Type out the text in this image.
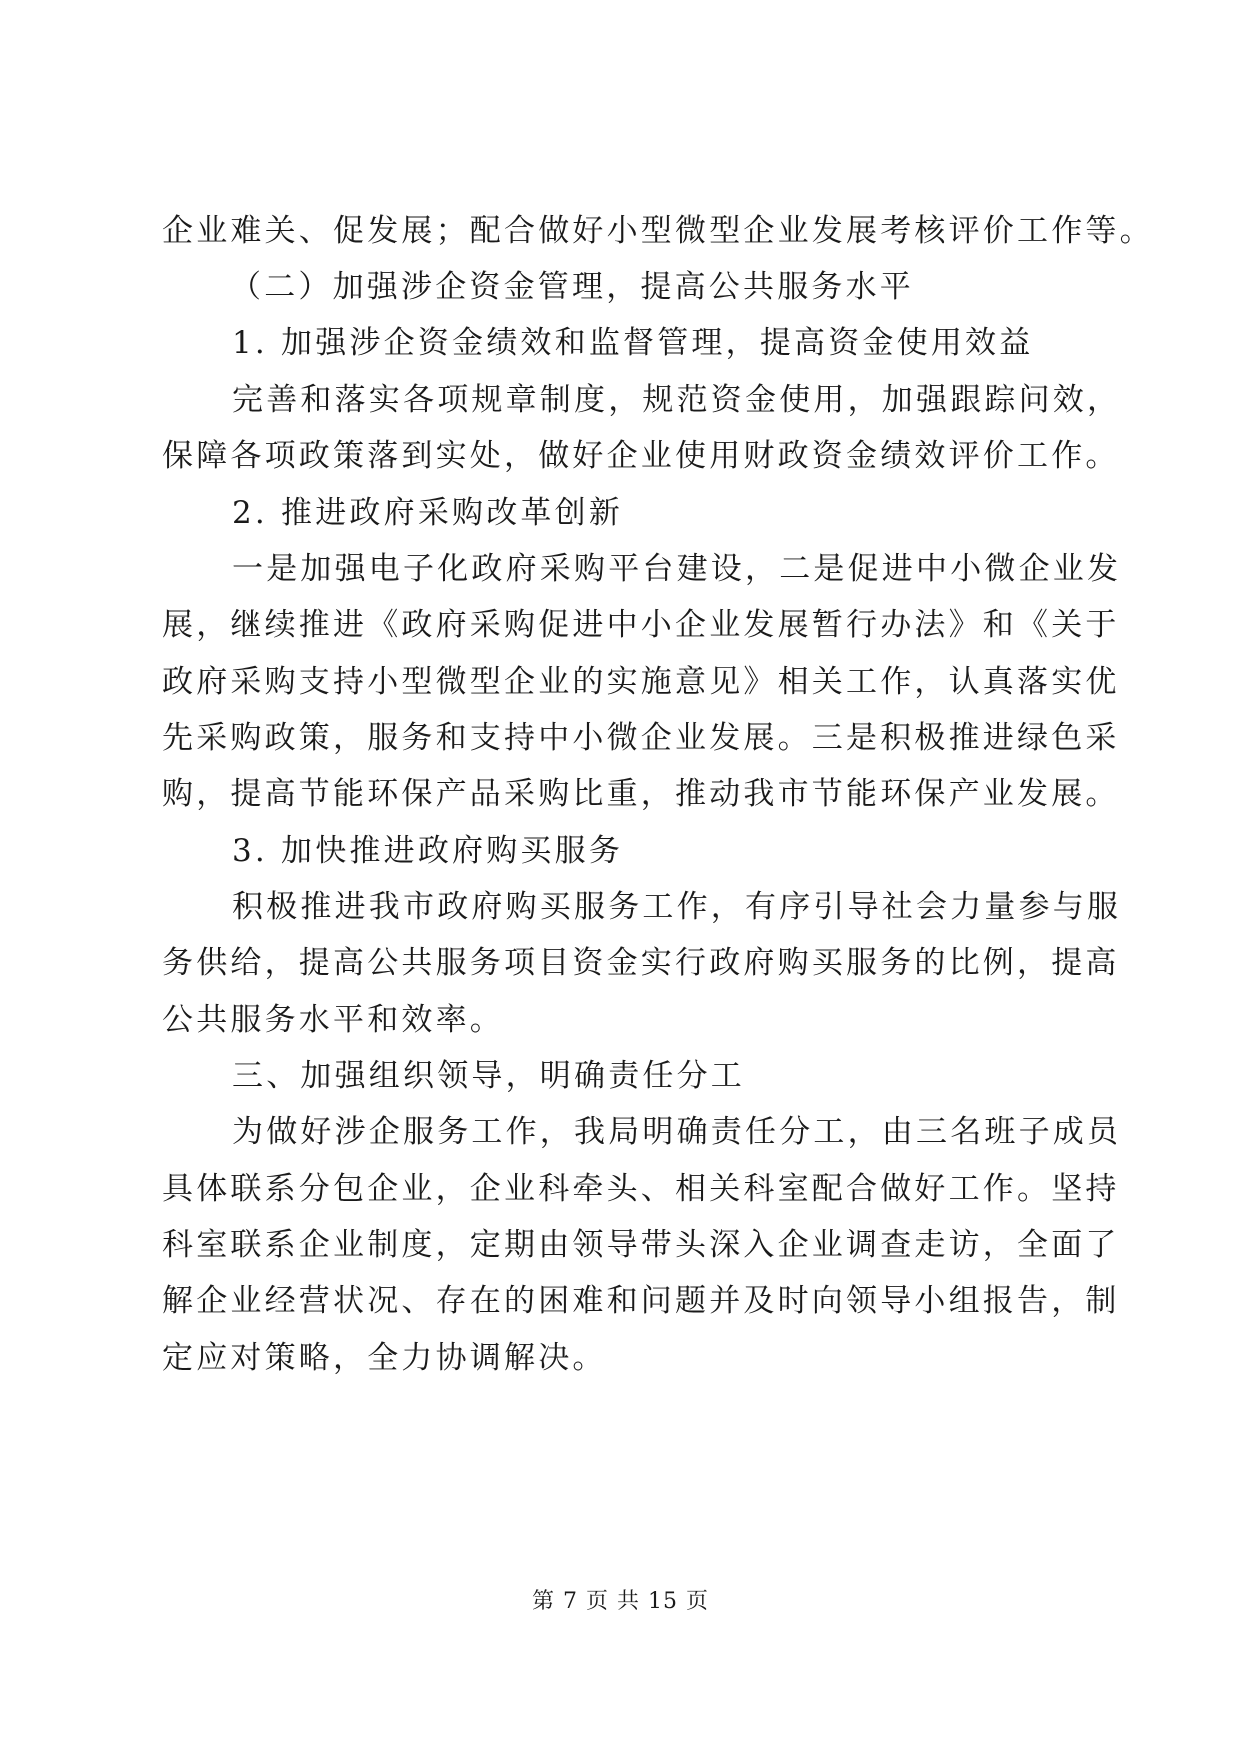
企业难关、促发展；配合做好小型微型企业发展考核评价工作等。
（二）加强涉企资金管理，提高公共服务水平
1. 加强涉企资金绩效和监督管理，提高资金使用效益
完善和落实各项规章制度，规范资金使用，加强跟踪问效，
保障各项政策落到实处，做好企业使用财政资金绩效评价工作。
2. 推进政府采购改革创新
一是加强电子化政府采购平台建设，二是促进中小微企业发
展，继续推进《政府采购促进中小企业发展暂行办法》和《关于
政府采购支持小型微型企业的实施意见》相关工作，认真落实优
先采购政策，服务和支持中小微企业发展。三是积极推进绿色采
购，提高节能环保产品采购比重，推动我市节能环保产业发展。
3. 加快推进政府购买服务
积极推进我市政府购买服务工作，有序引导社会力量参与服
务供给，提高公共服务项目资金实行政府购买服务的比例，提高
公共服务水平和效率。
三、加强组织领导，明确责任分工
为做好涉企服务工作，我局明确责任分工，由三名班子成员
具体联系分包企业，企业科牵头、相关科室配合做好工作。坚持
科室联系企业制度，定期由领导带头深入企业调查走访，全面了
解企业经营状况、存在的困难和问题并及时向领导小组报告，制
定应对策略，全力协调解决。
第 7 页 共 15 页
